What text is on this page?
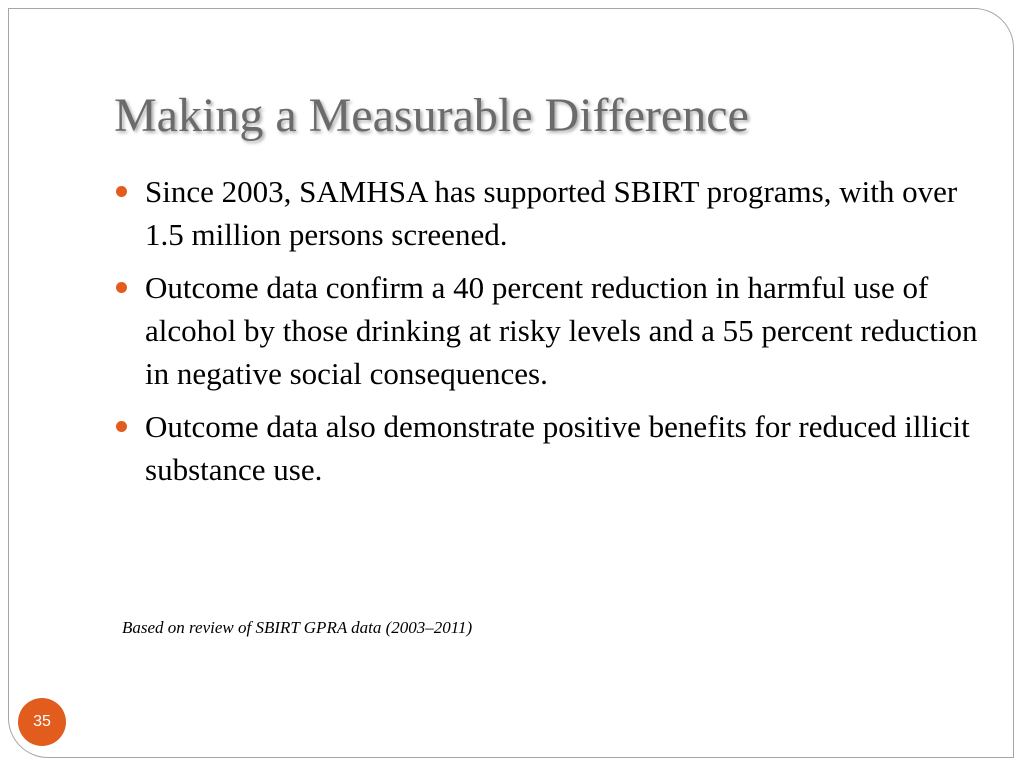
Making a Measurable Difference
Since 2003, SAMHSA has supported SBIRT programs, with over 1.5 million persons screened.
Outcome data confirm a 40 percent reduction in harmful use of alcohol by those drinking at risky levels and a 55 percent reduction in negative social consequences.
Outcome data also demonstrate positive benefits for reduced illicit substance use.
Based on review of SBIRT GPRA data (2003–2011)
35
